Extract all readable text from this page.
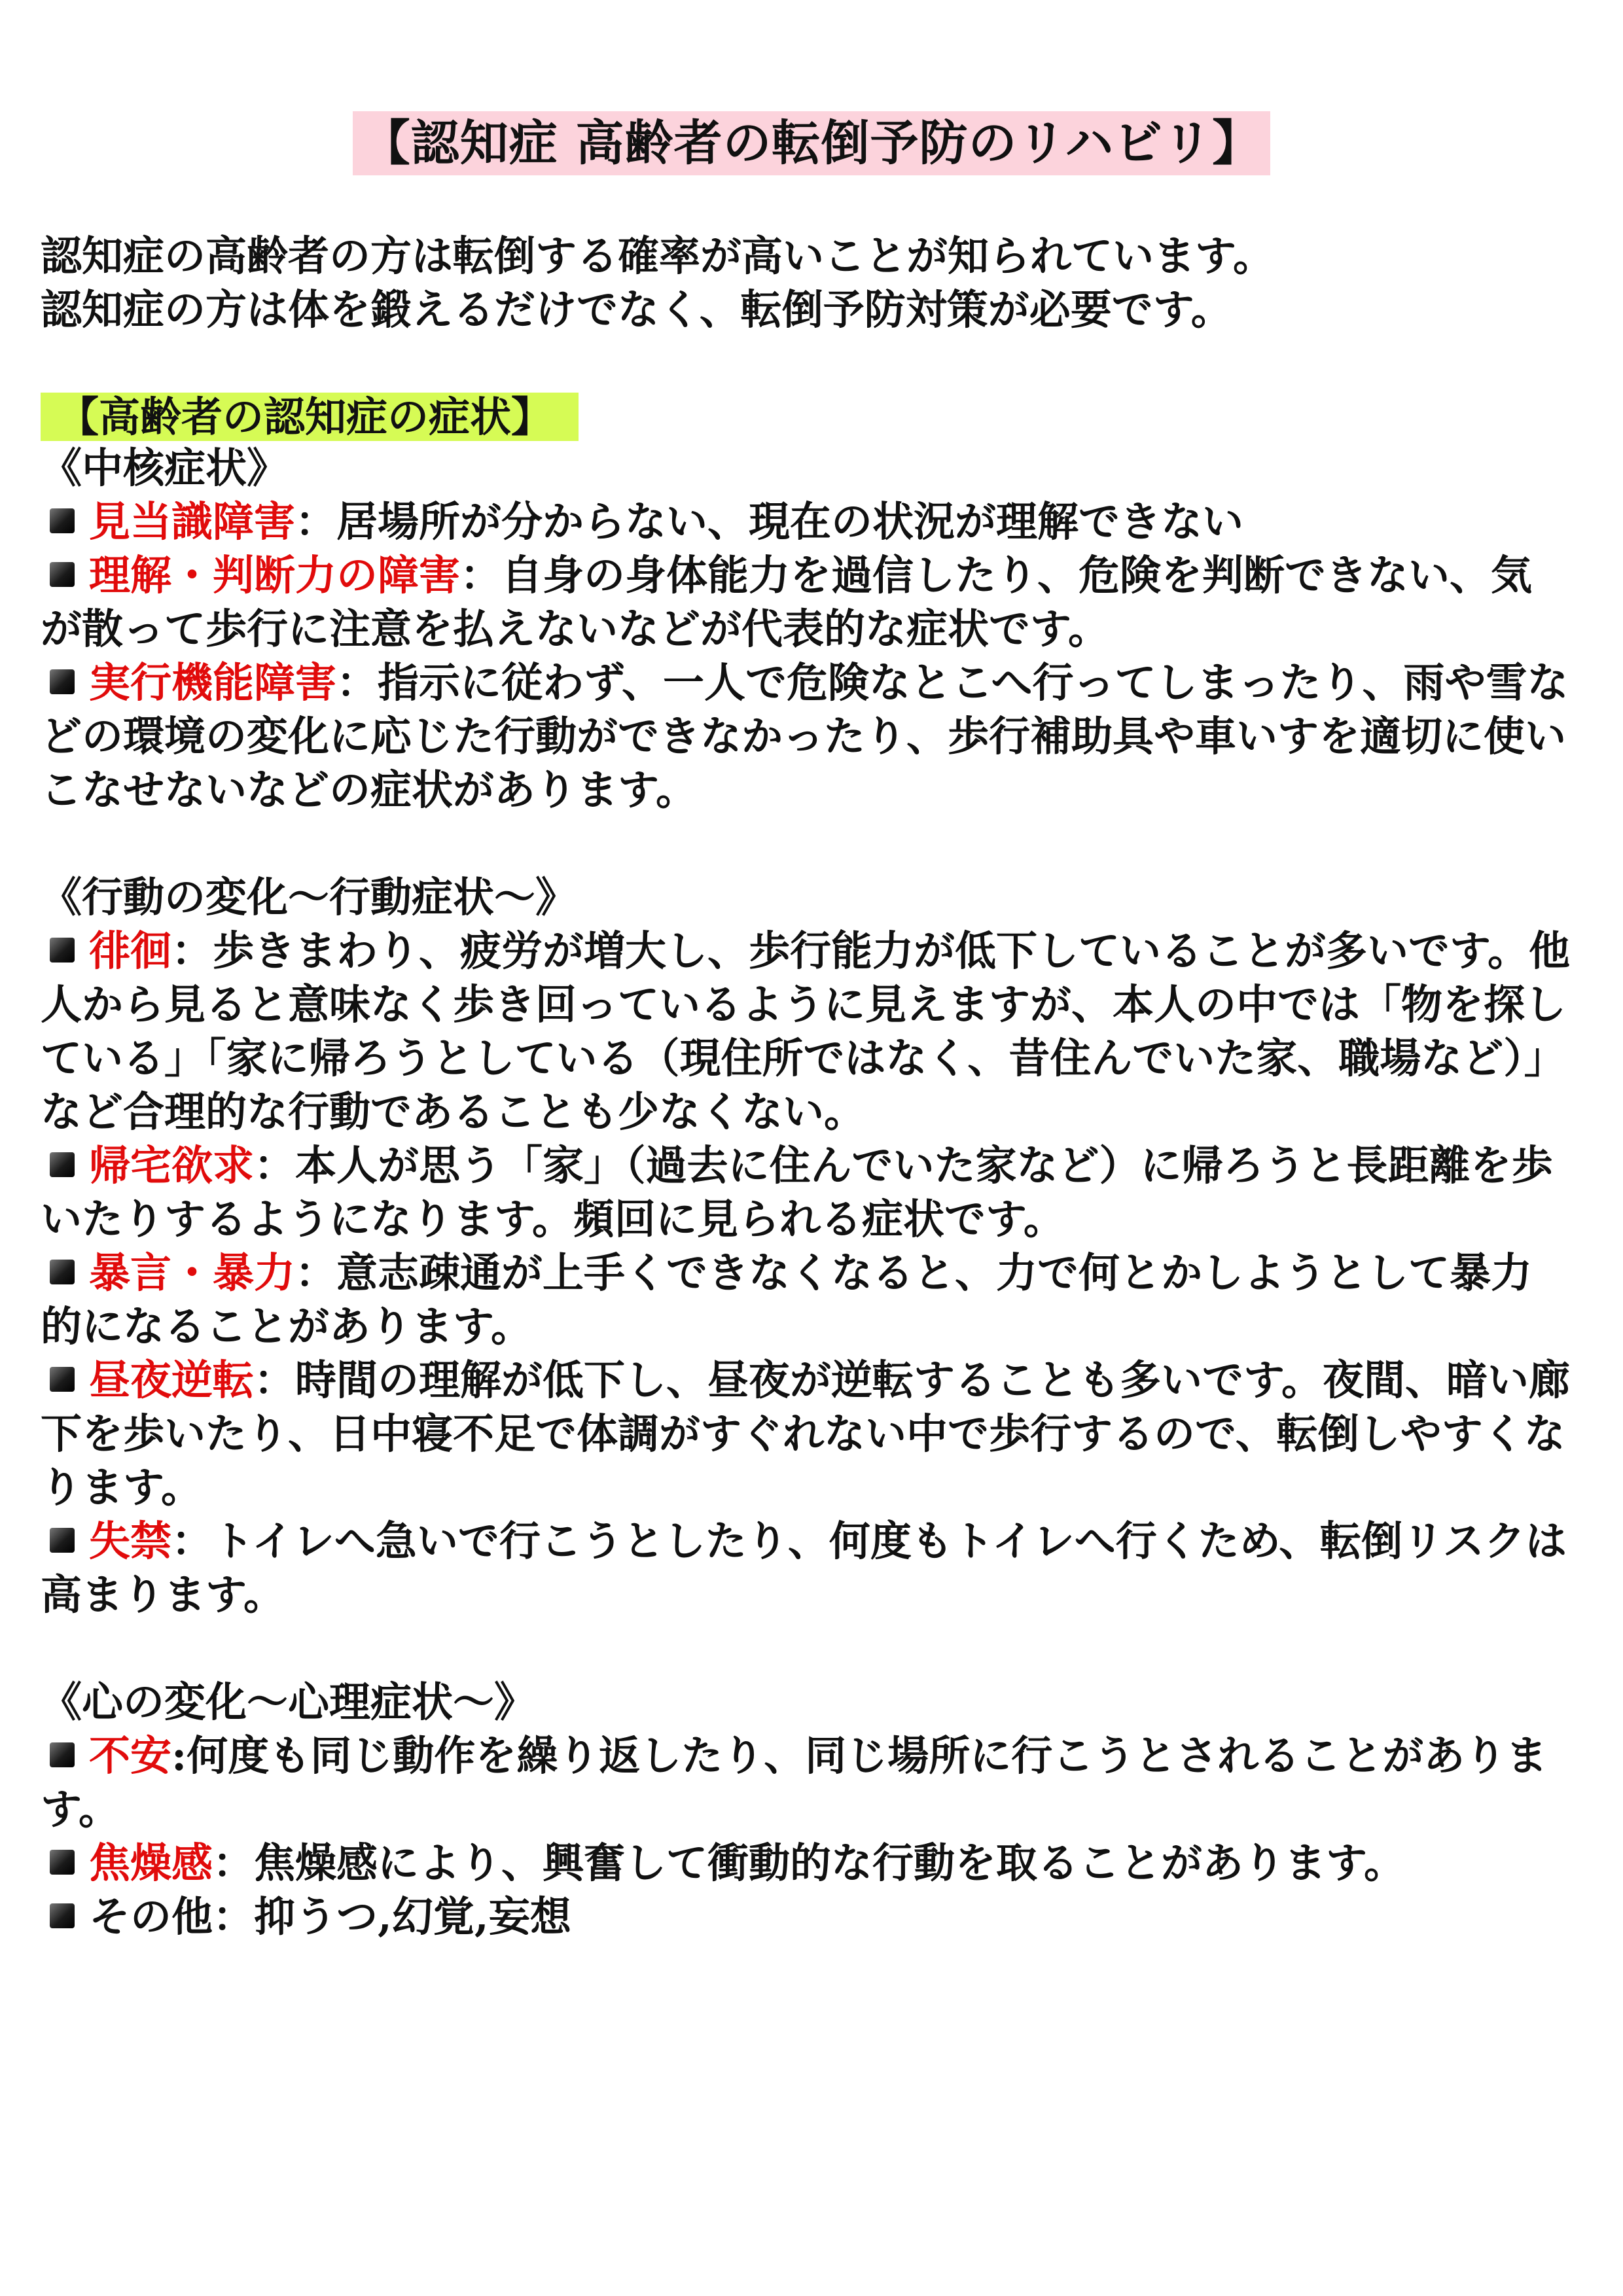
【認知症 高齢者の転倒予防のリハビリ】
認知症の高齢者の方は転倒する確率が高いことが知られています。
認知症の方は体を鍛えるだけでなく、転倒予防対策が必要です。
【高齢者の認知症の症状】
《中核症状》
見当識障害：居場所が分からない、現在の状況が理解できない
理解・判断力の障害：自身の身体能力を過信したり、危険を判断できない、気が散って歩行に注意を払えないなどが代表的な症状です。
実行機能障害：指示に従わず、一人で危険なとこへ行ってしまったり、雨や雪などの環境の変化に応じた行動ができなかったり、歩行補助具や車いすを適切に使いこなせないなどの症状があります。
《行動の変化～行動症状～》
徘徊：歩きまわり、疲労が増大し、歩行能力が低下していることが多いです。他人から見ると意味なく歩き回っているように見えますが、本人の中では「物を探している」「家に帰ろうとしている（現住所ではなく、昔住んでいた家、職場など）」など合理的な行動であることも少なくない。
帰宅欲求：本人が思う「家」（過去に住んでいた家など）に帰ろうと長距離を歩いたりするようになります。頻回に見られる症状です。
暴言・暴力：意志疎通が上手くできなくなると、力で何とかしようとして暴力的になることがあります。
昼夜逆転：時間の理解が低下し、昼夜が逆転することも多いです。夜間、暗い廊下を歩いたり、日中寝不足で体調がすぐれない中で歩行するので、転倒しやすくなります。
失禁：トイレへ急いで行こうとしたり、何度もトイレへ行くため、転倒リスクは高まります。
《心の変化～心理症状～》
不安:何度も同じ動作を繰り返したり、同じ場所に行こうとされることがあります。
焦燥感：焦燥感により、興奮して衝動的な行動を取ることがあります。
その他：抑うつ,幻覚,妄想
